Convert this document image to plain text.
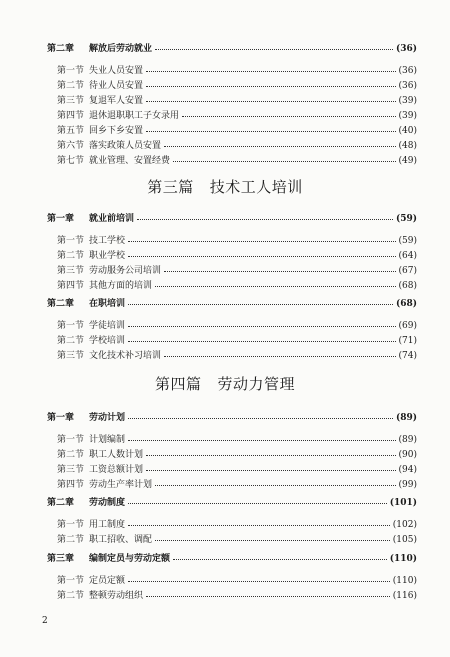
第二章	解放后劳动就业	(36)
第一节 失业人员安置	(36)
第二节 待业人员安置	(36)
第三节 复退军人安置	(39)
第四节 退休退职职工子女录用	(39)
第五节 回乡下乡安置	(40)
第六节 落实政策人员安置	(48)
第七节 就业管理、安置经费	(49)
第三篇 技术工人培训
第一章	就业前培训	(59)
第一节 技工学校	(59)
第二节 职业学校	(64)
第三节 劳动服务公司培训	(67)
第四节 其他方面的培训	(68)
第二章	在职培训	(68)
第一节 学徒培训	(69)
第二节 学校培训	(71)
第三节 文化技术补习培训	(74)
第四篇 劳动力管理
第一章	劳动计划	(89)
第一节 计划编制	(89)
第二节 职工人数计划	(90)
第三节 工资总额计划	(94)
第四节 劳动生产率计划	(99)
第二章	劳动制度	(101)
第一节 用工制度	(102)
第二节 职工招收、调配	(105)
第三章	编制定员与劳动定额	(110)
第一节 定员定额	(110)
第二节 整顿劳动组织	(116)
2
